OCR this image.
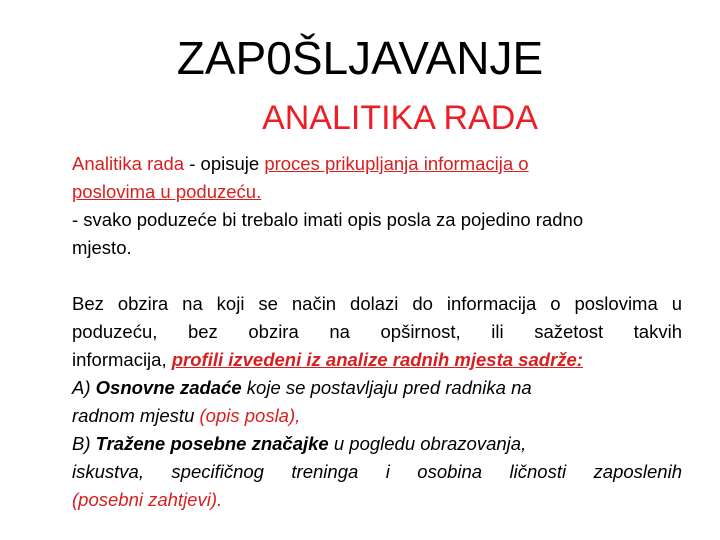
ZAP0ŠLJAVANJE
ANALITIKA RADA
Analitika rada - opisuje proces prikupljanja informacija o
poslovima u poduzeću.
- svako poduzeće bi trebalo imati opis posla za pojedino radno
mjesto.
Bez obzira na koji se način dolazi do informacija o poslovima u
poduzeću, bez obzira na opširnost, ili sažetost takvih
informacija, profili izvedeni iz analize radnih mjesta sadrže:
A) Osnovne zadaće koje se postavljaju pred radnika na
radnom mjestu (opis posla),
B) Tražene posebne značajke u pogledu obrazovanja,
iskustva, specifičnog treninga i osobina ličnosti zaposlenih
(posebni zahtjevi).
